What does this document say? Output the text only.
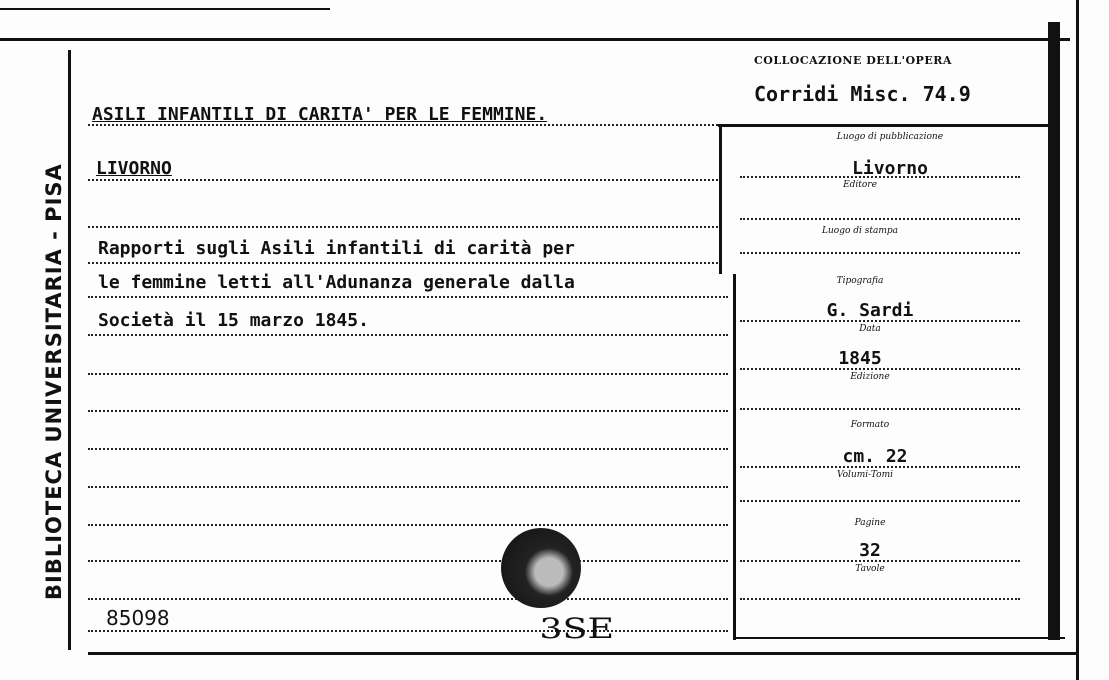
BIBLIOTECA UNIVERSITARIA - PISA
COLLOCAZIONE DELL'OPERA
Corridi Misc. 74.9
ASILI INFANTILI DI CARITA' PER LE FEMMINE.
LIVORNO
Rapporti sugli Asili infantili di carità per
le femmine letti all'Adunanza generale dalla
Società il 15 marzo 1845.
85098	3SE
Luogo di pubblicazione
Livorno
Editore
Luogo di stampa
Tipografia
G. Sardi
Data
1845
Edizione
Formato
cm. 22
Volumi-Tomi
Pagine
32
Tavole
